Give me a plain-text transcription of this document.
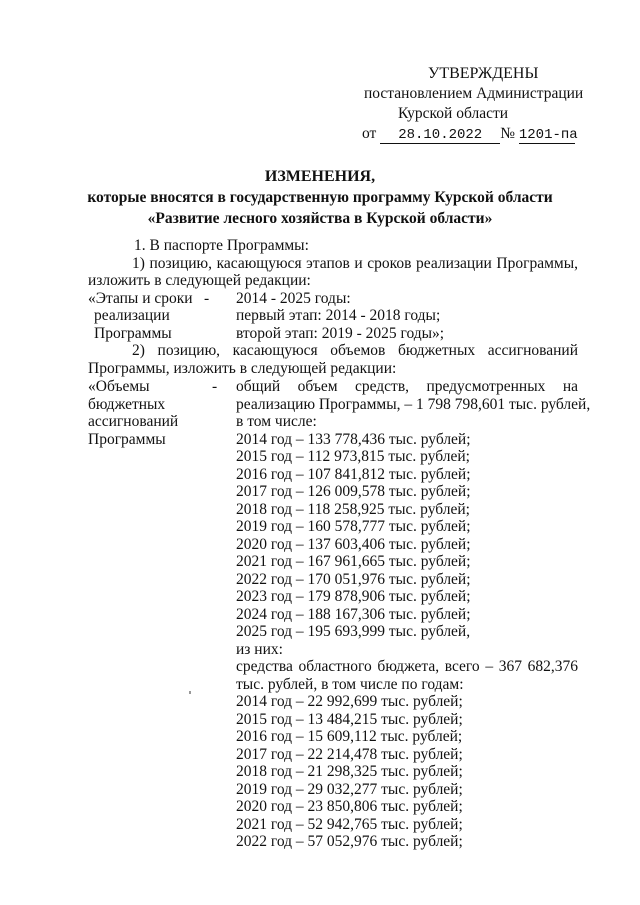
УТВЕРЖДЕНЫ
постановлением Администрации
Курской области
от 28.10.2022 № 1201-па
ИЗМЕНЕНИЯ,
которые вносятся в государственную программу Курской области
«Развитие лесного хозяйства в Курской области»
1. В паспорте Программы:
1) позицию, касающуюся этапов и сроков реализации Программы,
изложить в следующей редакции:
«Этапы и сроки - 2014 - 2025 годы:
реализации	первый этап: 2014 - 2018 годы;
Программы	второй этап: 2019 - 2025 годы»;
2) позицию, касающуюся объемов бюджетных ассигнований
Программы, изложить в следующей редакции:
«Объемы
бюджетных
ассигнований
Программы
- общий объем средств, предусмотренных на
реализацию Программы, – 1 798 798,601 тыс. рублей,
в том числе:
2014 год – 133 778,436 тыс. рублей;
2015 год – 112 973,815 тыс. рублей;
2016 год – 107 841,812 тыс. рублей;
2017 год – 126 009,578 тыс. рублей;
2018 год – 118 258,925 тыс. рублей;
2019 год – 160 578,777 тыс. рублей;
2020 год – 137 603,406 тыс. рублей;
2021 год – 167 961,665 тыс. рублей;
2022 год – 170 051,976 тыс. рублей;
2023 год – 179 878,906 тыс. рублей;
2024 год – 188 167,306 тыс. рублей;
2025 год – 195 693,999 тыс. рублей,
из них:
средства областного бюджета, всего – 367 682,376
тыс. рублей, в том числе по годам:
2014 год – 22 992,699 тыс. рублей;
2015 год – 13 484,215 тыс. рублей;
2016 год – 15 609,112 тыс. рублей;
2017 год – 22 214,478 тыс. рублей;
2018 год – 21 298,325 тыс. рублей;
2019 год – 29 032,277 тыс. рублей;
2020 год – 23 850,806 тыс. рублей;
2021 год – 52 942,765 тыс. рублей;
2022 год – 57 052,976 тыс. рублей;
